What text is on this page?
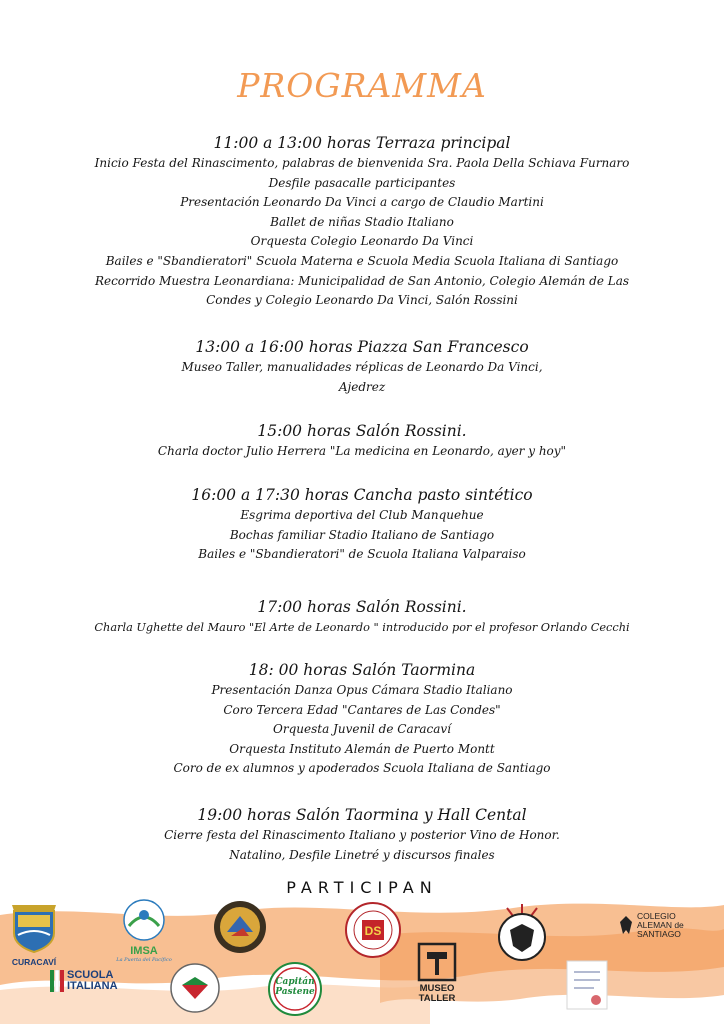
PROGRAMMA
11:00 a 13:00 horas Terraza principal
Inicio Festa del Rinascimento, palabras de bienvenida Sra. Paola Della Schiava Furnaro
Desfile pasacalle participantes
Presentación Leonardo Da Vinci a cargo de Claudio Martini
Ballet de niñas Stadio Italiano
Orquesta Colegio Leonardo Da Vinci
Bailes e "Sbandieratori" Scuola Materna e Scuola Media Scuola Italiana di Santiago
Recorrido Muestra Leonardiana: Municipalidad de San Antonio, Colegio Alemán de Las
Condes y Colegio Leonardo Da Vinci, Salón Rossini
13:00 a 16:00 horas Piazza San Francesco
Museo Taller, manualidades réplicas de Leonardo Da Vinci,
Ajedrez
15:00 horas Salón Rossini.
Charla doctor Julio Herrera "La medicina en Leonardo, ayer y hoy"
16:00 a 17:30 horas Cancha pasto sintético
Esgrima deportiva del Club Manquehue
Bochas familiar Stadio Italiano de Santiago
Bailes e "Sbandieratori" de Scuola Italiana Valparaiso
17:00 horas Salón Rossini.
Charla Ughette del Mauro "El Arte de Leonardo " introducido por el profesor Orlando Cecchi
18: 00 horas Salón Taormina
Presentación Danza Opus Cámara Stadio Italiano
Coro Tercera Edad "Cantares de Las Condes"
Orquesta Juvenil de Caracaví
Orquesta Instituto Alemán de Puerto Montt
Coro de ex alumnos y apoderados Scuola Italiana de Santiago
19:00 horas Salón Taormina y Hall Cental
Cierre festa del Rinascimento Italiano y posterior Vino de Honor.
Natalino, Desfile Linetré y discursos finales
PARTICIPAN
CURACAVÍ
IMSA
La Puerta del Pacífico
DS
COLEGIO
ALEMAN de
SANTIAGO
SCUOLA
ITALIANA	Capitán
Pastene	MUSEO
TALLER
